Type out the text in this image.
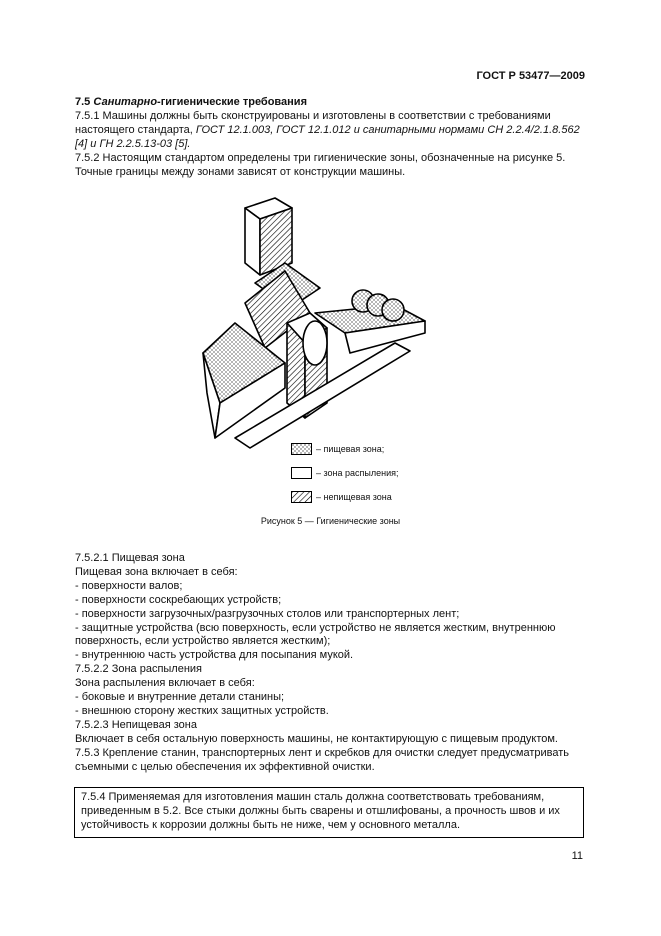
ГОСТ Р 53477—2009

7.5 Санитарно-гигиенические требования

7.5.1 Машины должны быть сконструированы и изготовлены в соответствии с требованиями настоящего стандарта, ГОСТ 12.1.003, ГОСТ 12.1.012 и санитарными нормами СН 2.2.4/2.1.8.562 [4] и ГН 2.2.5.13-03 [5].

7.5.2 Настоящим стандартом определены три гигиенические зоны, обозначенные на рисунке 5.

Точные границы между зонами зависят от конструкции машины.

– пищевая зона;
– зона распыления;
– непищевая зона
Рисунок 5 — Гигиенические зоны

7.5.2.1 Пищевая зона

Пищевая зона включает в себя:

- поверхности валов;

- поверхности соскребающих устройств;

- поверхности загрузочных/разгрузочных столов или транспортерных лент;

- защитные устройства (всю поверхность, если устройство не является жестким, внутреннюю поверхность, если устройство является жестким);

- внутреннюю часть устройства для посыпания мукой.

7.5.2.2 Зона распыления

Зона распыления включает в себя:

- боковые и внутренние детали станины;

- внешнюю сторону жестких защитных устройств.

7.5.2.3 Непищевая зона

Включает в себя остальную поверхность машины, не контактирующую с пищевым продуктом.

7.5.3 Крепление станин, транспортерных лент и скребков для очистки следует предусматривать съемными с целью обеспечения их эффективной очистки.

7.5.4 Применяемая для изготовления машин сталь должна соответствовать требованиям, приведенным в 5.2. Все стыки должны быть сварены и отшлифованы, а прочность швов и их устойчивость к коррозии должны быть не ниже, чем у основного металла.

11
